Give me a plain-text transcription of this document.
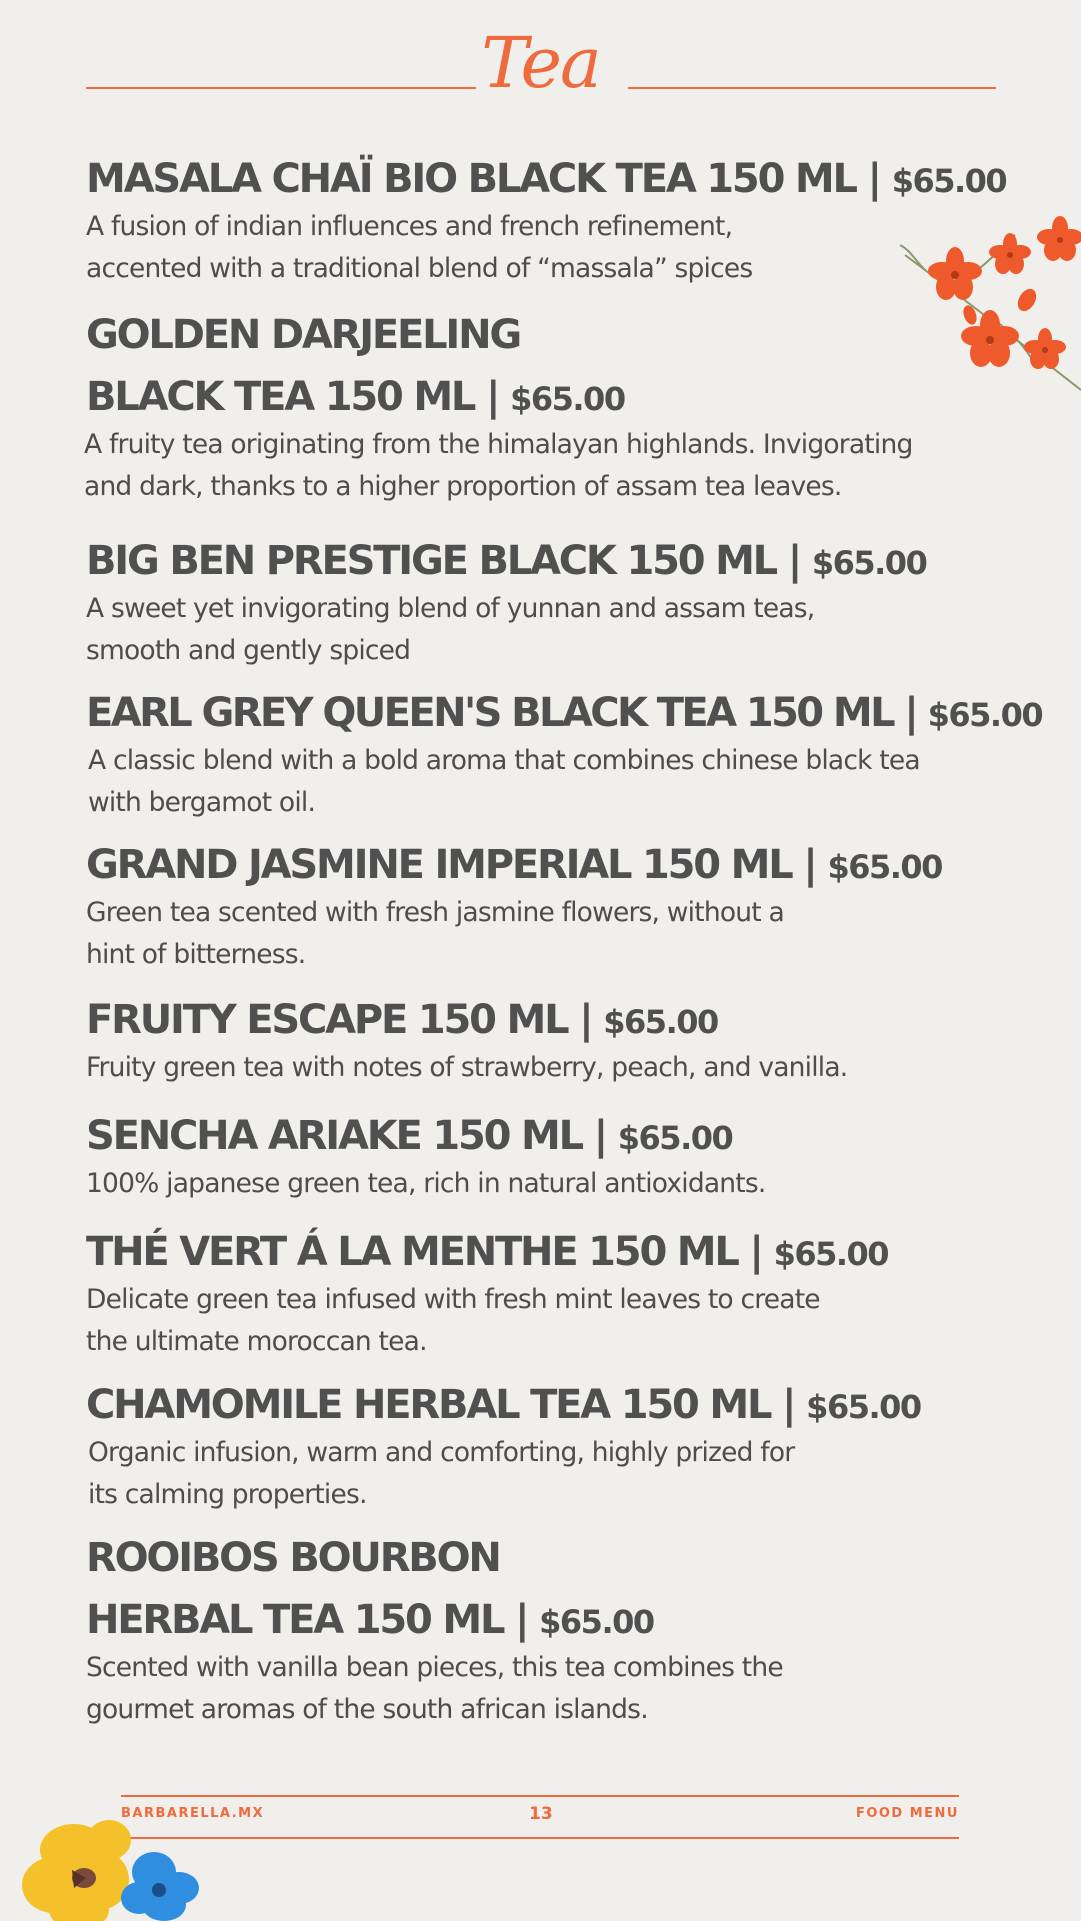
Tea
MASALA CHAÏ BIO BLACK TEA 150 ML | $65.00
A fusion of indian influences and french refinement,
accented with a traditional blend of “massala” spices
GOLDEN DARJEELING
BLACK TEA 150 ML | $65.00
A fruity tea originating from the himalayan highlands. Invigorating
and dark, thanks to a higher proportion of assam tea leaves.
BIG BEN PRESTIGE BLACK 150 ML | $65.00
A sweet yet invigorating blend of yunnan and assam teas,
smooth and gently spiced
EARL GREY QUEEN'S BLACK TEA 150 ML | $65.00
A classic blend with a bold aroma that combines chinese black tea
with bergamot oil.
GRAND JASMINE IMPERIAL 150 ML | $65.00
Green tea scented with fresh jasmine flowers, without a
hint of bitterness.
FRUITY ESCAPE 150 ML | $65.00
Fruity green tea with notes of strawberry, peach, and vanilla.
SENCHA ARIAKE 150 ML | $65.00
100% japanese green tea, rich in natural antioxidants.
THÉ VERT Á LA MENTHE 150 ML | $65.00
Delicate green tea infused with fresh mint leaves to create
the ultimate moroccan tea.
CHAMOMILE HERBAL TEA 150 ML | $65.00
Organic infusion, warm and comforting, highly prized for
its calming properties.
ROOIBOS BOURBON
HERBAL TEA 150 ML | $65.00
Scented with vanilla bean pieces, this tea combines the
gourmet aromas of the south african islands.
BARBARELLA.MX	13	FOOD MENU
